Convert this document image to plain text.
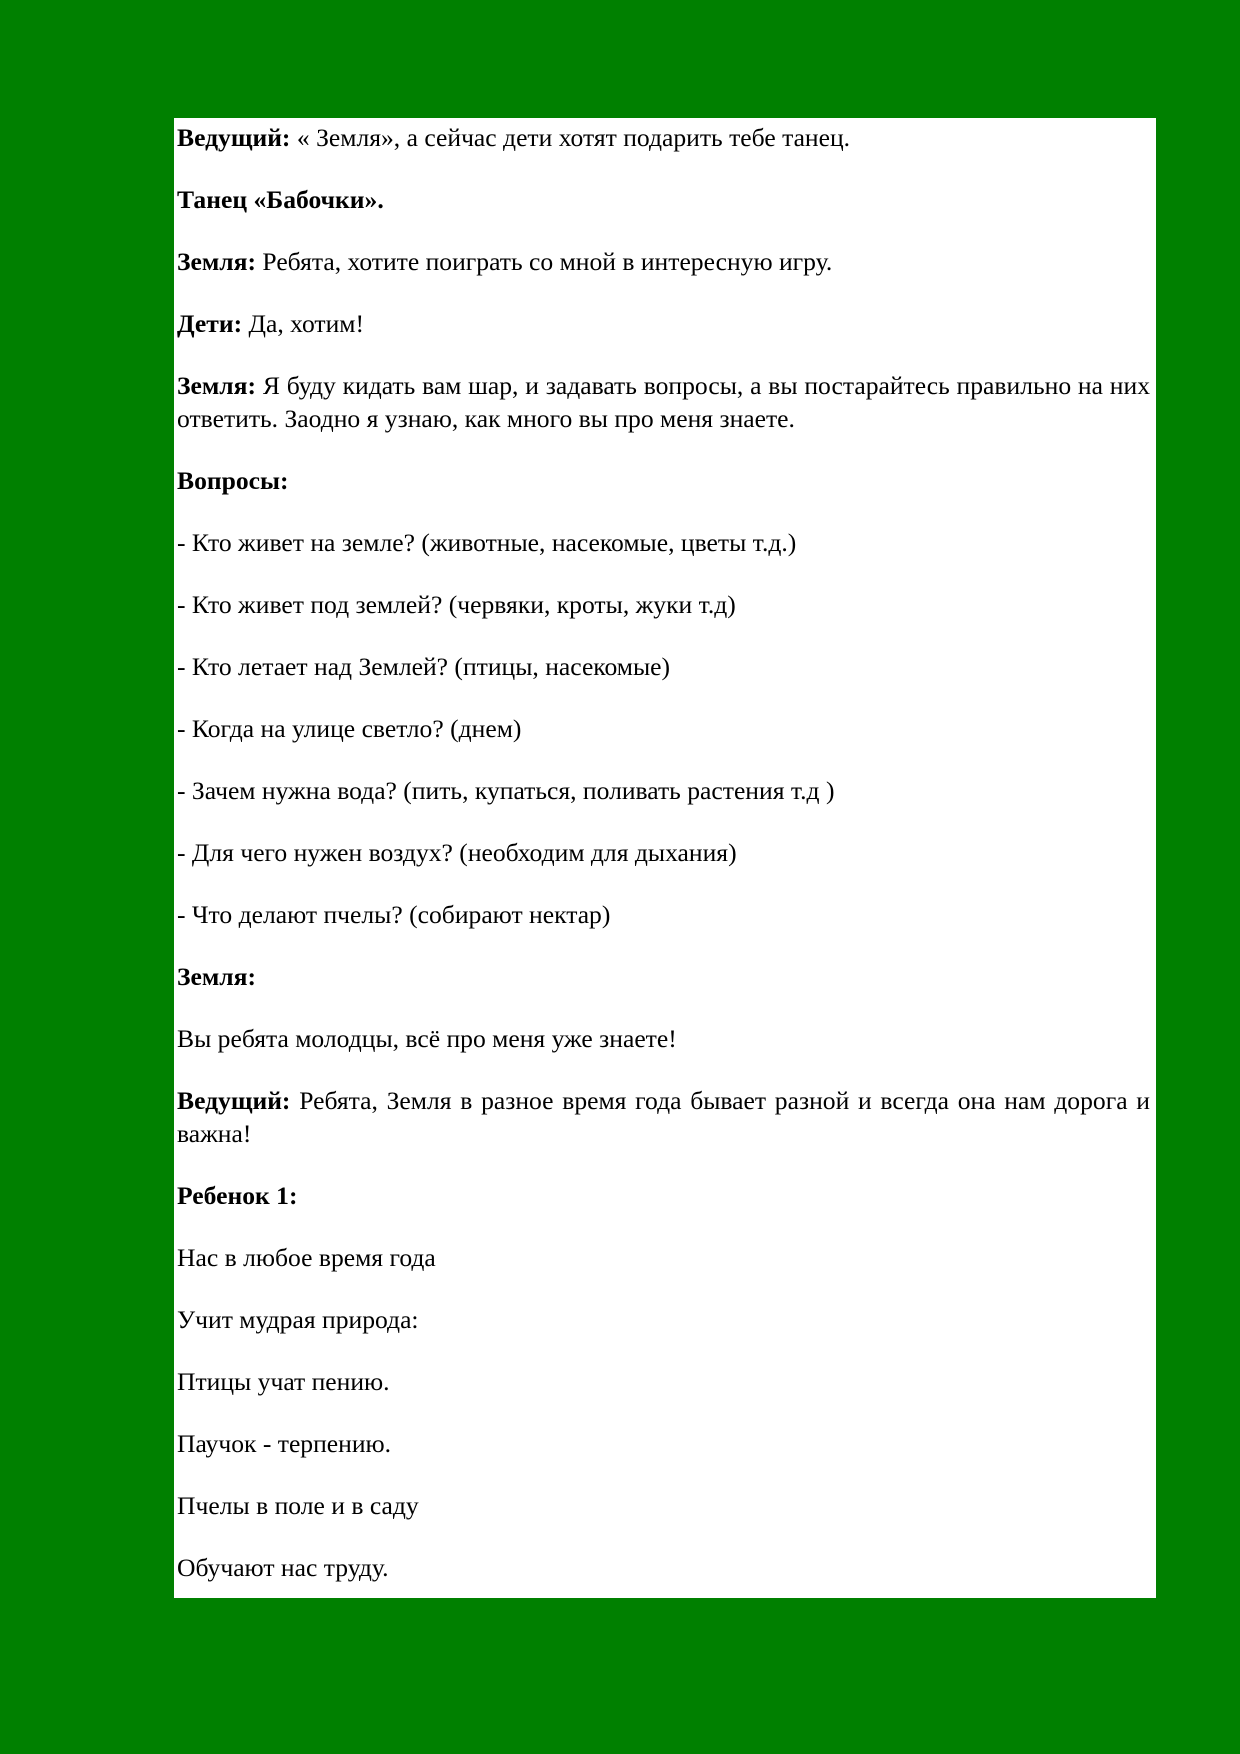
Ведущий: « Земля», а сейчас дети хотят подарить тебе танец.

Танец «Бабочки».

Земля: Ребята, хотите поиграть со мной в интересную игру.

Дети: Да, хотим!

Земля: Я буду кидать вам шар, и задавать вопросы, а вы постарайтесь правильно на них ответить. Заодно я узнаю, как много вы про меня знаете.

Вопросы:

- Кто живет на земле? (животные, насекомые, цветы т.д.)

- Кто живет под землей? (червяки, кроты, жуки т.д)

- Кто летает над Землей? (птицы, насекомые)

- Когда на улице светло? (днем)

- Зачем нужна вода? (пить, купаться, поливать растения т.д )

- Для чего нужен воздух? (необходим для дыхания)

- Что делают пчелы? (собирают нектар)

Земля:

Вы ребята молодцы, всё про меня уже знаете!

Ведущий: Ребята, Земля в разное время года бывает разной и всегда она нам дорога и важна!

Ребенок 1:

Нас в любое время года

Учит мудрая природа:

Птицы учат пению.

Паучок - терпению.

Пчелы в поле и в саду

Обучают нас труду.
